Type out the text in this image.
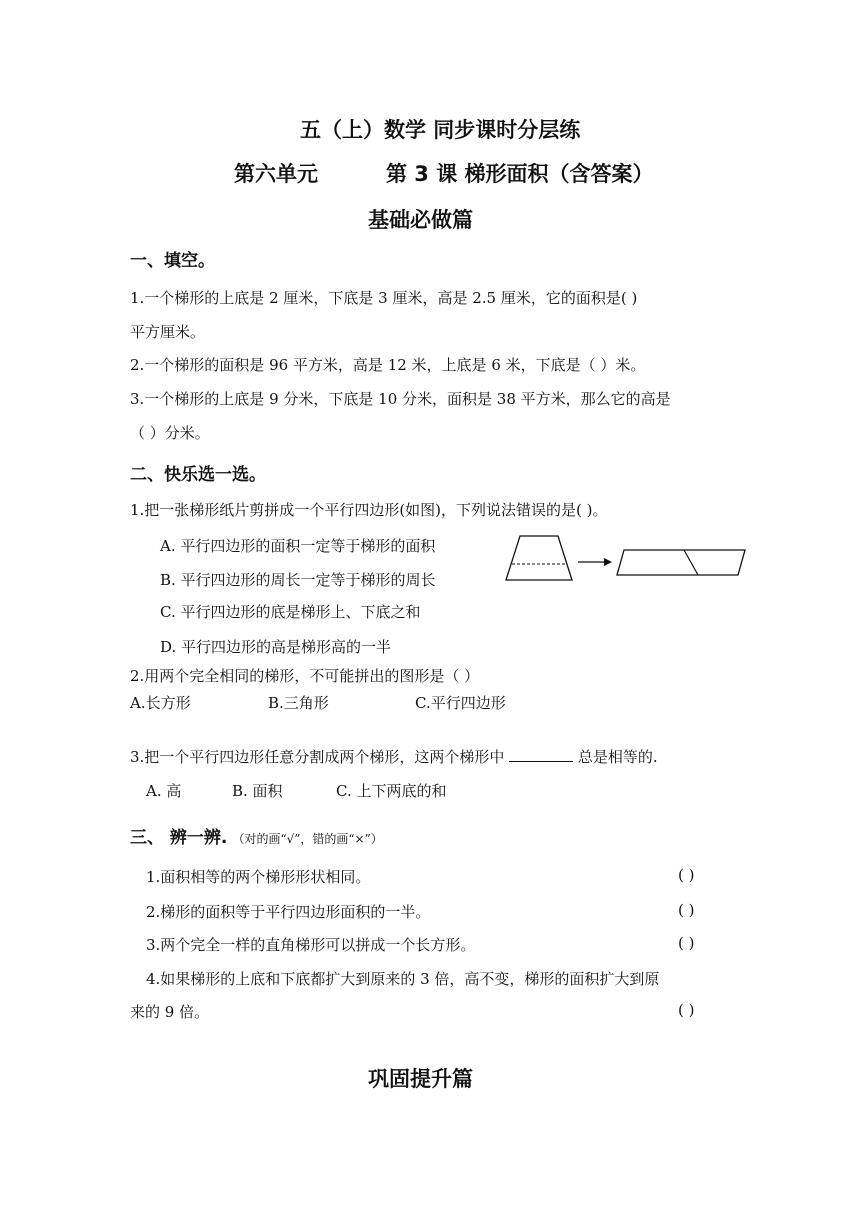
五（上）数学 同步课时分层练
第六单元	第 3 课 梯形面积（含答案）
基础必做篇
一、填空。
1.一个梯形的上底是 2 厘米，下底是 3 厘米，高是 2.5 厘米，它的面积是( )
平方厘米。
2.一个梯形的面积是 96 平方米，高是 12 米，上底是 6 米，下底是（ ）米。
3.一个梯形的上底是 9 分米，下底是 10 分米，面积是 38 平方米，那么它的高是
（ ）分米。
二、快乐选一选。
1.把一张梯形纸片剪拼成一个平行四边形(如图)，下列说法错误的是( )。
A. 平行四边形的面积一定等于梯形的面积
B. 平行四边形的周长一定等于梯形的周长
C. 平行四边形的底是梯形上、下底之和
D. 平行四边形的高是梯形高的一半
2.用两个完全相同的梯形，不可能拼出的图形是（ ）
A.长方形	B.三角形	C.平行四边形
3.把一个平行四边形任意分割成两个梯形，这两个梯形中	总是相等的.
A. 高	B. 面积	C. 上下两底的和
三、 辨一辨. （对的画“√”，错的画“×”）
1.面积相等的两个梯形形状相同。	( )
2.梯形的面积等于平行四边形面积的一半。	( )
3.两个完全一样的直角梯形可以拼成一个长方形。	( )
4.如果梯形的上底和下底都扩大到原来的 3 倍，高不变，梯形的面积扩大到原
来的 9 倍。	( )
巩固提升篇
